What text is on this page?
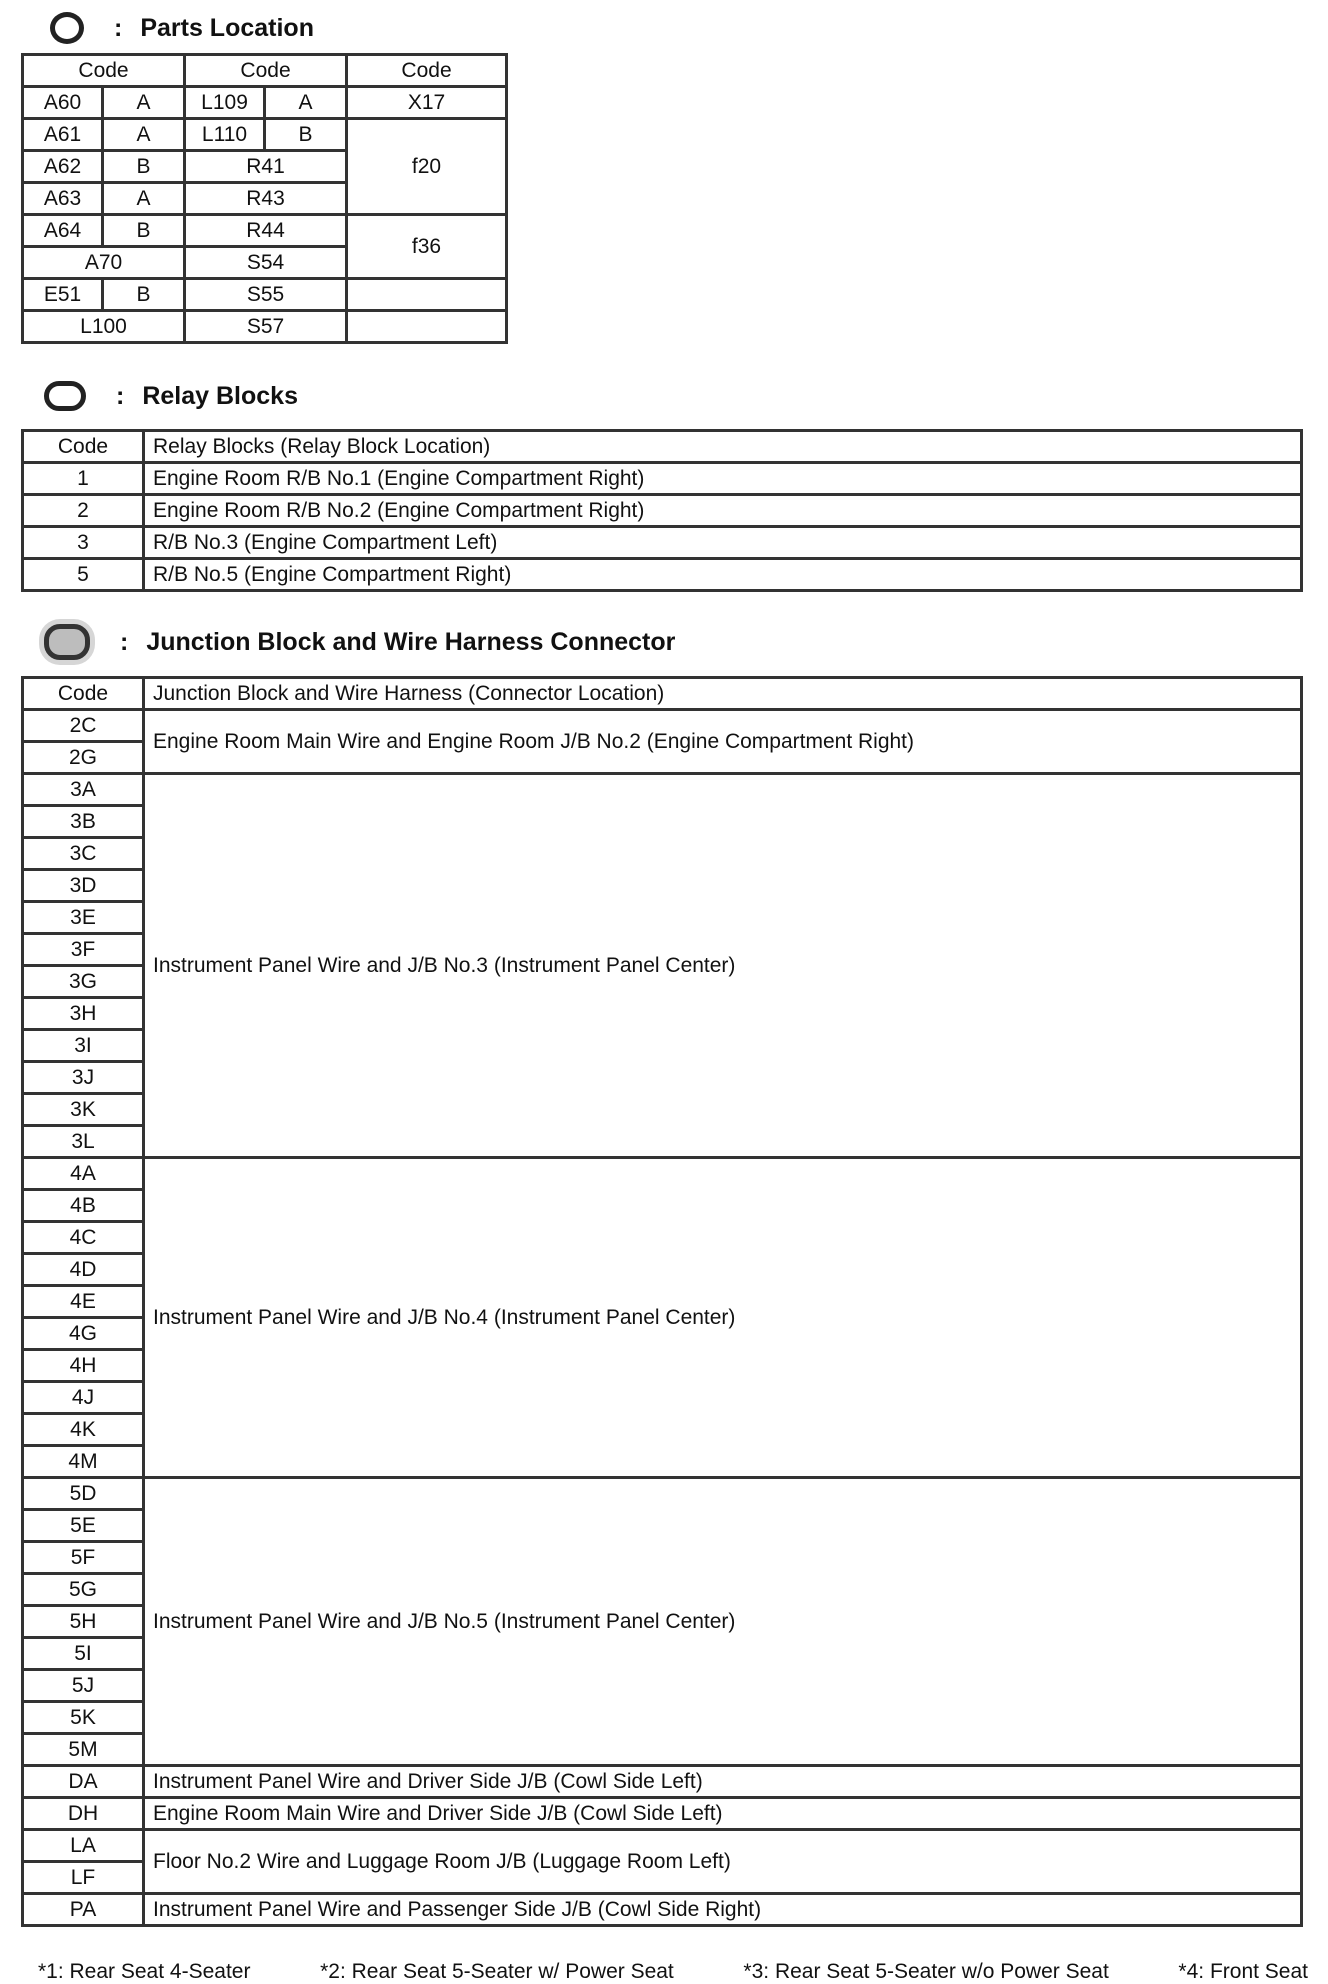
: Parts Location
Code		Code		Code
A60	A	L109	A	X17
A61	A	L110	B	f20
A62	B	R41		
A63	A	R43		
A64	B	R44		f36
A70		S54		
E51	B	S55		
L100		S57		
: Relay Blocks
Code	Relay Blocks (Relay Block Location)
1	Engine Room R/B No.1 (Engine Compartment Right)
2	Engine Room R/B No.2 (Engine Compartment Right)
3	R/B No.3 (Engine Compartment Left)
5	R/B No.5 (Engine Compartment Right)
: Junction Block and Wire Harness Connector
Code	Junction Block and Wire Harness (Connector Location)
2C	Engine Room Main Wire and Engine Room J/B No.2 (Engine Compartment Right)
2G	
3A	Instrument Panel Wire and J/B No.3 (Instrument Panel Center)
3B	
3C	
3D	
3E	
3F	
3G	
3H	
3I	
3J	
3K	
3L	
4A	Instrument Panel Wire and J/B No.4 (Instrument Panel Center)
4B	
4C	
4D	
4E	
4G	
4H	
4J	
4K	
4M	
5D	Instrument Panel Wire and J/B No.5 (Instrument Panel Center)
5E	
5F	
5G	
5H	
5I	
5J	
5K	
5M	
DA	Instrument Panel Wire and Driver Side J/B (Cowl Side Left)
DH	Engine Room Main Wire and Driver Side J/B (Cowl Side Left)
LA	Floor No.2 Wire and Luggage Room J/B (Luggage Room Left)
LF	
PA	Instrument Panel Wire and Passenger Side J/B (Cowl Side Right)
*1: Rear Seat 4-Seater	*2: Rear Seat 5-Seater w/ Power Seat	*3: Rear Seat 5-Seater w/o Power Seat	*4: Front Seat
